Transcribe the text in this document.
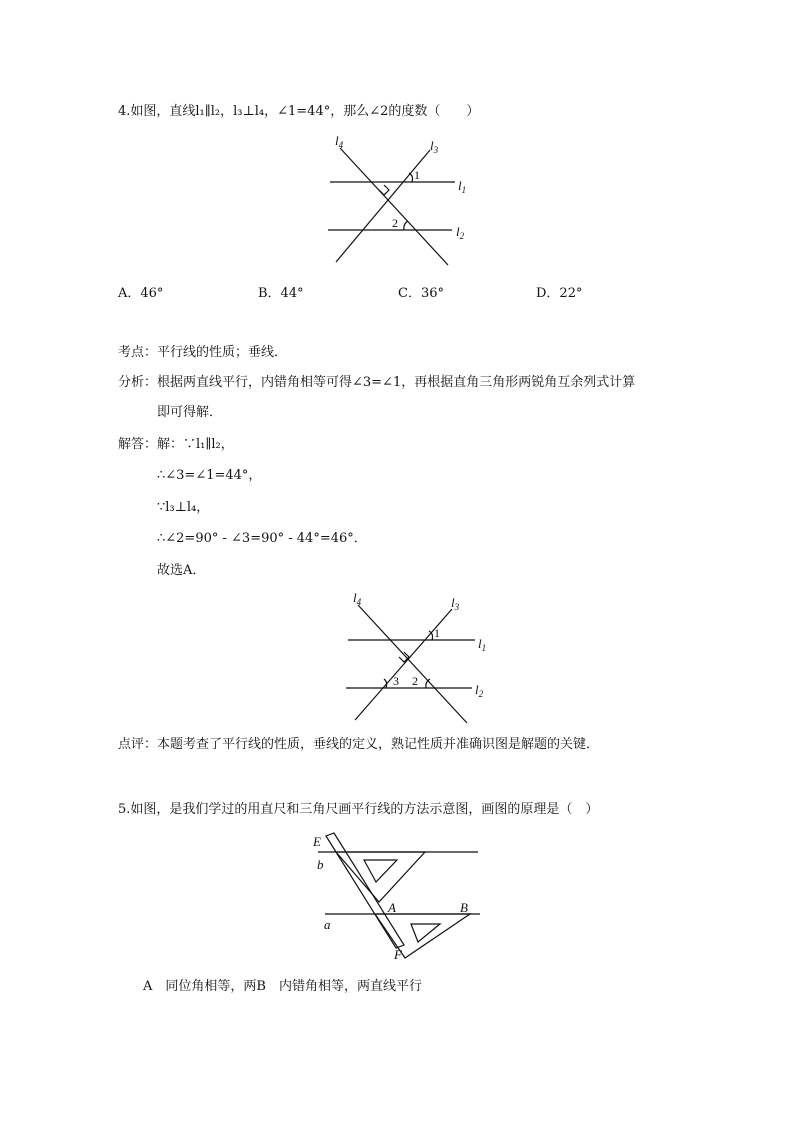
4.如图，直线l₁∥l₂，l₃⊥l₄，∠1=44°，那么∠2的度数（　　）
$l_4$	$l_3$
$l_1$
$l_2$
1
2
A．46°	B．44°	C．36°	D．22°
考点：平行线的性质；垂线．
分析：根据两直线平行，内错角相等可得∠3=∠1，再根据直角三角形两锐角互余列式计算
即可得解．
解答：解：∵l₁∥l₂，
∴∠3=∠1=44°，
∵l₃⊥l₄，
∴∠2=90° - ∠3=90° - 44°=46°．
故选A．
$l_4$	$l_3$
$l_1$
$l_2$
1
2
3
点评：本题考查了平行线的性质，垂线的定义，熟记性质并准确识图是解题的关键．
5.如图，是我们学过的用直尺和三角尺画平行线的方法示意图，画图的原理是（　）
E
b
A	B
a
F
A　同位角相等，两B　内错角相等，两直线平行
